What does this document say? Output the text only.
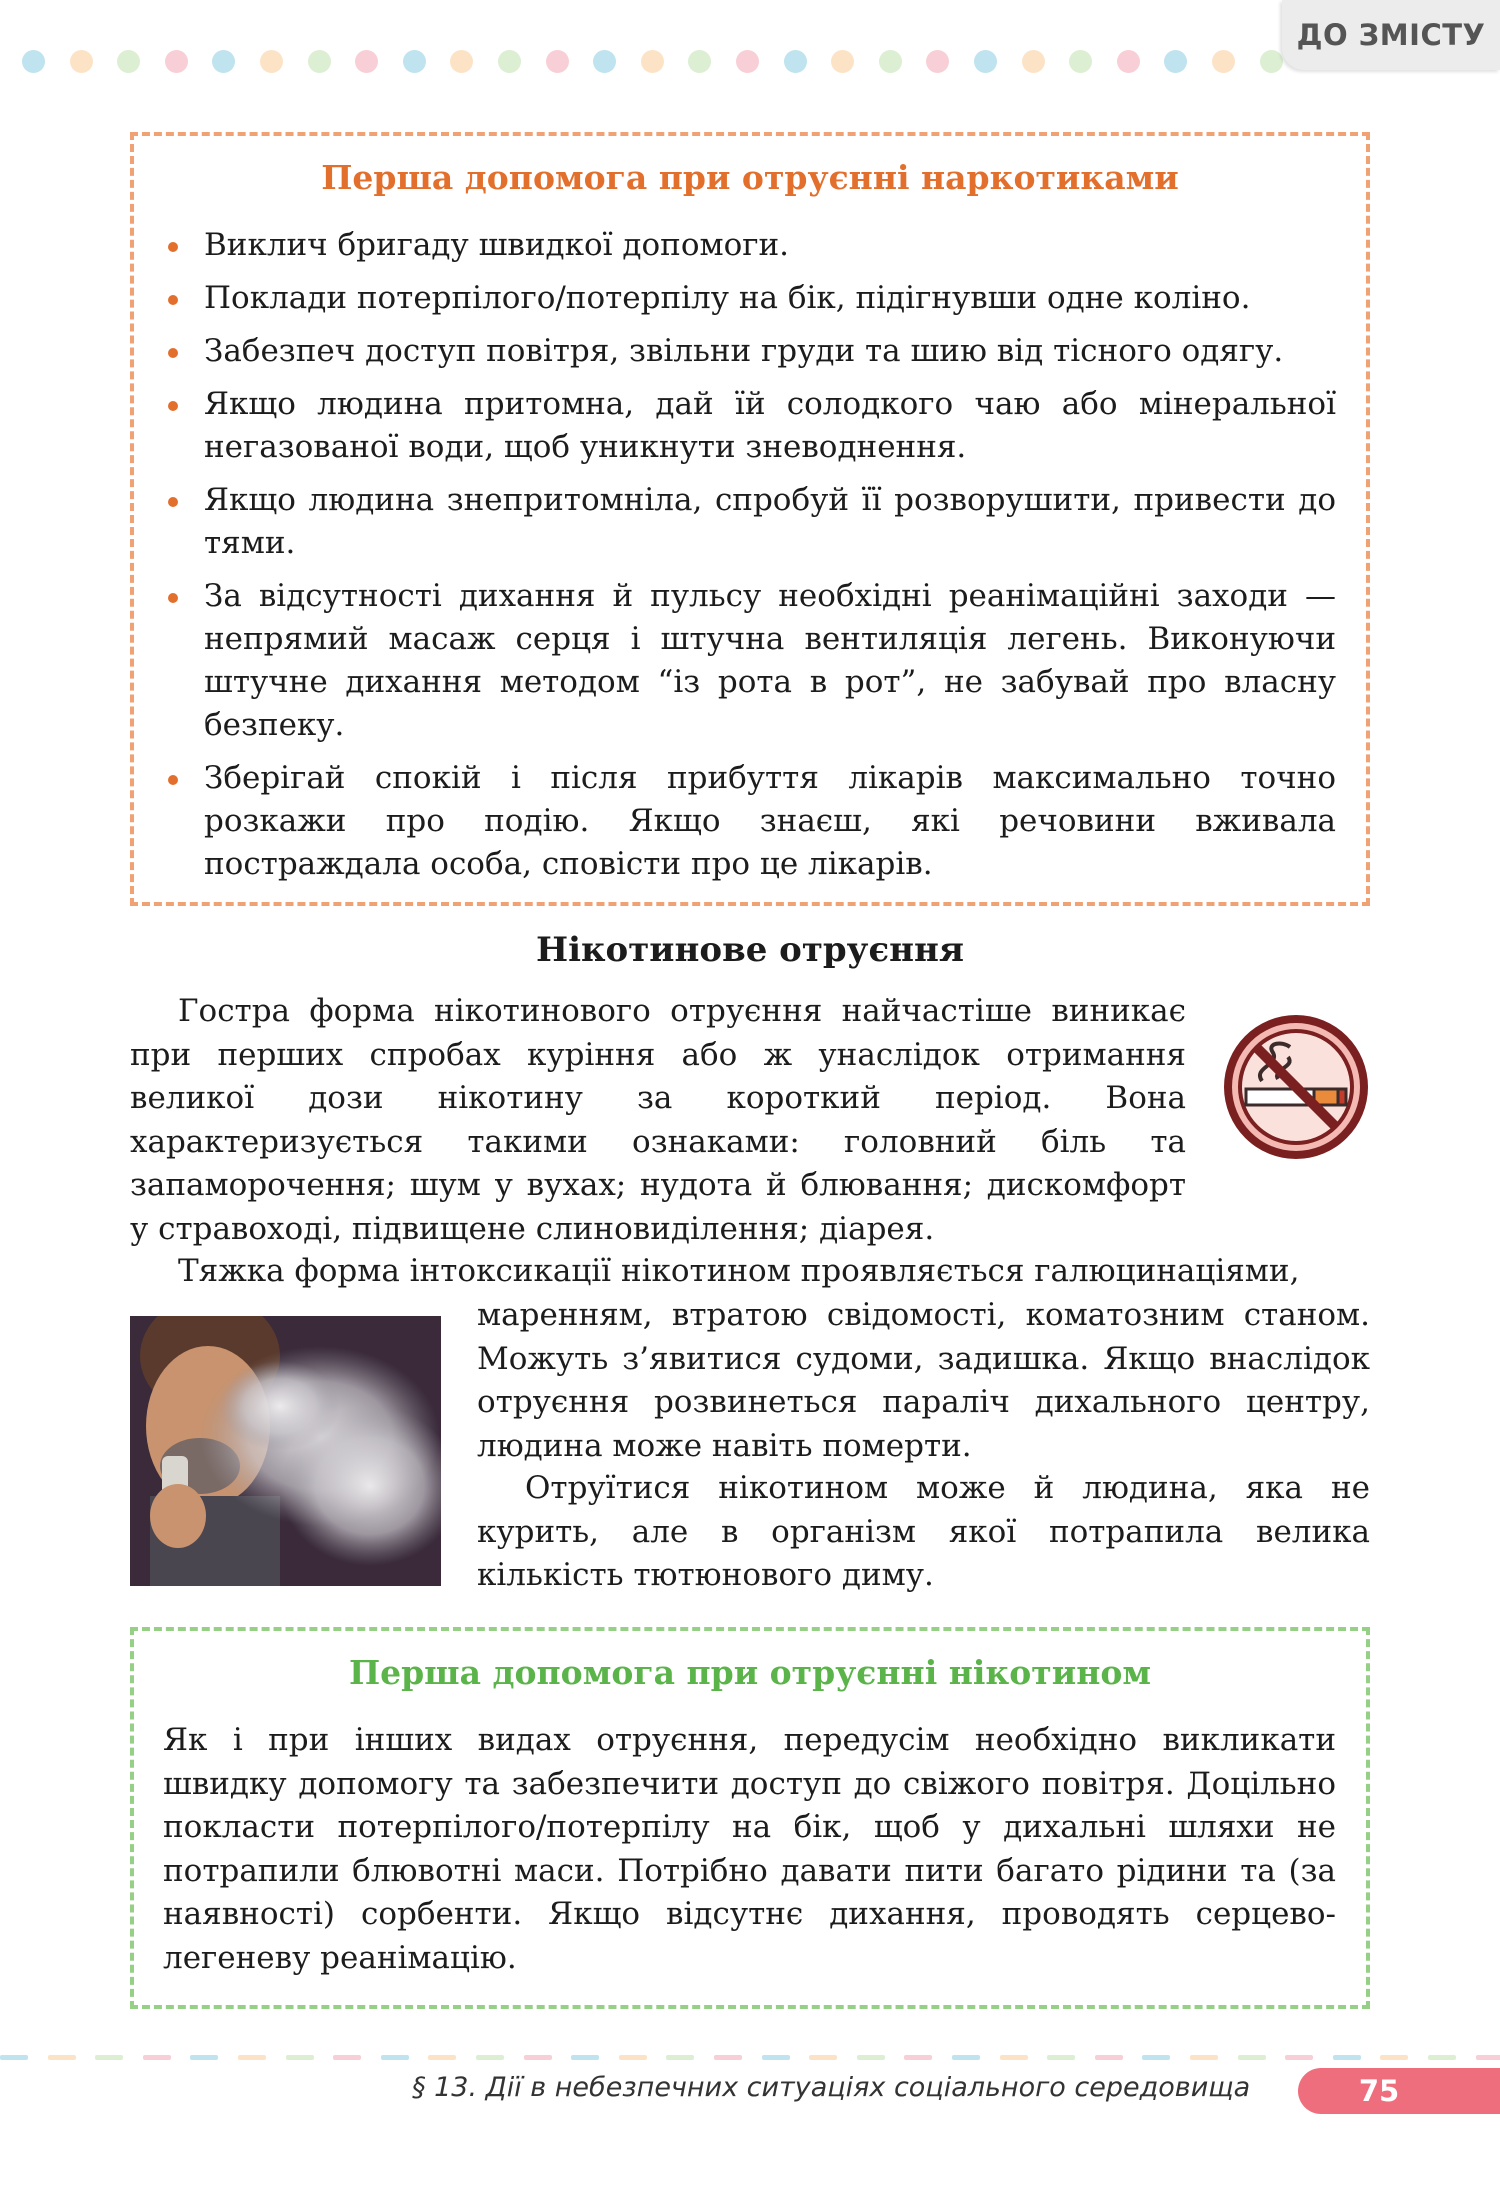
ДО ЗМІСТУ
Перша допомога при отруєнні наркотиками
Виклич бригаду швидкої допомоги.
Поклади потерпілого/потерпілу на бік, підігнувши одне коліно.
Забезпеч доступ повітря, звільни груди та шию від тісного одягу.
Якщо людина притомна, дай їй солодкого чаю або мінеральної негазованої води, щоб уникнути зневоднення.
Якщо людина знепритомніла, спробуй її розворушити, привести до тями.
За відсутності дихання й пульсу необхідні реанімаційні заходи — непрямий масаж серця і штучна вентиляція легень. Виконуючи штучне дихання методом “із рота в рот”, не забувай про власну безпеку.
Зберігай спокій і після прибуття лікарів максимально точно розкажи про подію. Якщо знаєш, які речовини вживала постраждала особа, сповісти про це лікарів.
Нікотинове отруєння

Гостра форма нікотинового отруєння найчастіше виникає при перших спробах куріння або ж унаслідок отримання великої дози нікотину за короткий період. Вона характеризується такими ознаками: головний біль та запаморочення; шум у вухах; нудота й блювання; дискомфорт у стравоході, підвищене слиновиділення; діарея.

Тяжка форма інтоксикації нікотином проявляється галюцинаціями,

маренням, втратою свідомості, коматозним станом. Можуть з’явитися судоми, задишка. Якщо внаслідок отруєння розвинеться параліч дихального центру, людина може навіть померти.

Отруїтися нікотином може й людина, яка не курить, але в організм якої потрапила велика кількість тютюнового диму.

Перша допомога при отруєнні нікотином

Як і при інших видах отруєння, передусім необхідно викликати швидку допомогу та забезпечити доступ до свіжого повітря. Доцільно покласти потерпілого/потерпілу на бік, щоб у дихальні шляхи не потрапили блювотні маси. Потрібно давати пити багато рідини та (за наявності) сорбенти. Якщо відсутнє дихання, проводять серцево-легеневу реанімацію.

§ 13. Дії в небезпечних ситуаціях соціального середовища	75
